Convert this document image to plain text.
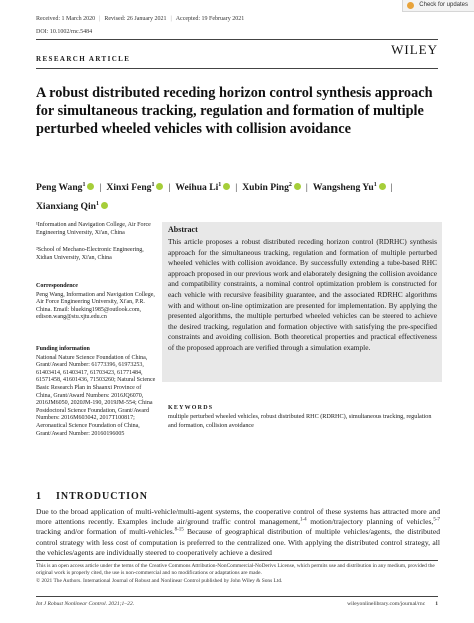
Check for updates
Received: 1 March 2020 | Revised: 26 January 2021 | Accepted: 19 February 2021
DOI: 10.1002/rnc.5484
WILEY
RESEARCH ARTICLE
A robust distributed receding horizon control synthesis approach for simultaneous tracking, regulation and formation of multiple perturbed wheeled vehicles with collision avoidance
Peng Wang$^1$ | Xinxi Feng$^1$ | Weihua Li$^1$ | Xubin Ping$^2$ | Wangsheng Yu$^1$ |
Xianxiang Qin$^1$
¹Information and Navigation College, Air Force Engineering University, Xi'an, China
²School of Mechano-Electronic Engineering, Xidian University, Xi'an, China
Correspondence
Peng Wang, Information and Navigation College, Air Force Engineering University, Xi'an, P.R. China. Email: blueking1985@outlook.com, edison.wang@stu.xjtu.edu.cn
Funding information
National Nature Science Foundation of China, Grant/Award Number: 61773396, 61973253, 61403414, 61403417, 61703423, 61771484, 61571458, 41601436, 71503260; Natural Science Basic Research Plan in Shaanxi Province of China, Grant/Award Numbers: 2016JQ6070, 2016JM6050, 2020JM-190, 2019JM-554; China Postdoctoral Science Foundation, Grant/Award Numbers: 2016M603042, 2017T100817; Aeronautical Science Foundation of China, Grant/Award Number: 20160196005
Abstract

This article proposes a robust distributed receding horizon control (RDRHC) synthesis approach for the simultaneous tracking, regulation and formation of multiple perturbed wheeled vehicles with collision avoidance. By successfully extending a tube-based RHC approach proposed in our previous work and elaborately designing the collision avoidance and compatibility constraints, a nominal control optimization problem is constructed for each vehicle with recursive feasibility guarantee, and the associated RDRHC algorithms with and without on-line optimization are presented for implementation. By applying the presented algorithms, the multiple perturbed wheeled vehicles can be steered to achieve the desired tracking, regulation and formation objective with satisfying the pre-specified constraints and avoiding collision. Both theoretical properties and practical effectiveness of the proposed approach are verified through a simulation example.

KEYWORDS
multiple perturbed wheeled vehicles, robust distributed RHC (RDRHC), simultaneous tracking, regulation and formation, collision avoidance
1 INTRODUCTION

Due to the broad application of multi-vehicle/multi-agent systems, the cooperative control of these systems has attracted more and more attentions recently. Examples include air/ground traffic control management,$^{1-4}$ motion/trajectory planning of vehicles,$^{5-7}$ tracking and/or formation of multi-vehicles.$^{8-15}$ Because of geographical distribution of multiple vehicles/agents, the distributed control strategy with less cost of computation is preferred to the centralized one. With applying the distributed control strategy, all the vehicles/agents are individually steered to cooperatively achieve a desired

This is an open access article under the terms of the Creative Commons Attribution-NonCommercial-NoDerivs License, which permits use and distribution in any medium, provided the original work is properly cited, the use is non-commercial and no modifications or adaptations are made.
© 2021 The Authors. International Journal of Robust and Nonlinear Control published by John Wiley & Sons Ltd.

Int J Robust Nonlinear Control. 2021;1–22.	wileyonlinelibrary.com/journal/rnc 1
